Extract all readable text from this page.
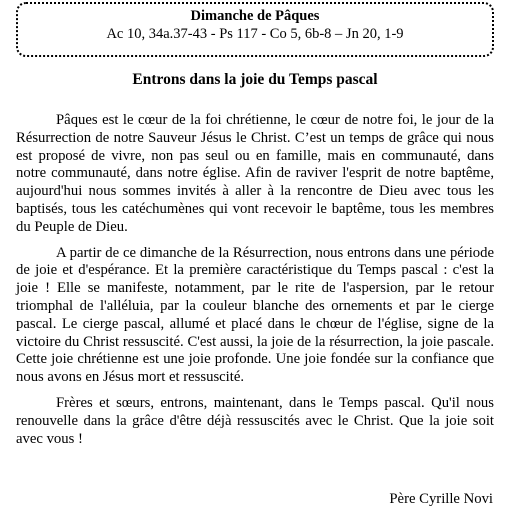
Dimanche de Pâques
Ac 10, 34a.37-43 - Ps 117 - Co 5, 6b-8 – Jn 20, 1-9
Entrons dans la joie du Temps pascal

Pâques est le cœur de la foi chrétienne, le cœur de notre foi, le jour de la Résurrection de notre Sauveur Jésus le Christ. C’est un temps de grâce qui nous est proposé de vivre, non pas seul ou en famille, mais en communauté, dans notre communauté, dans notre église. Afin de raviver l'esprit de notre baptême, aujourd'hui nous sommes invités à aller à la rencontre de Dieu avec tous les baptisés, tous les catéchumènes qui vont recevoir le baptême, tous les membres du Peuple de Dieu.

A partir de ce dimanche de la Résurrection, nous entrons dans une période de joie et d'espérance. Et la première caractéristique du Temps pascal : c'est la joie ! Elle se manifeste, notamment, par le rite de l'aspersion, par le retour triomphal de l'alléluia, par la couleur blanche des ornements et par le cierge pascal. Le cierge pascal, allumé et placé dans le chœur de l'église, signe de la victoire du Christ ressuscité. C'est aussi, la joie de la résurrection, la joie pascale. Cette joie chrétienne est une joie profonde. Une joie fondée sur la confiance que nous avons en Jésus mort et ressuscité.

Frères et sœurs, entrons, maintenant, dans le Temps pascal. Qu'il nous renouvelle dans la grâce d'être déjà ressuscités avec le Christ. Que la joie soit avec vous !

Père Cyrille Novi
